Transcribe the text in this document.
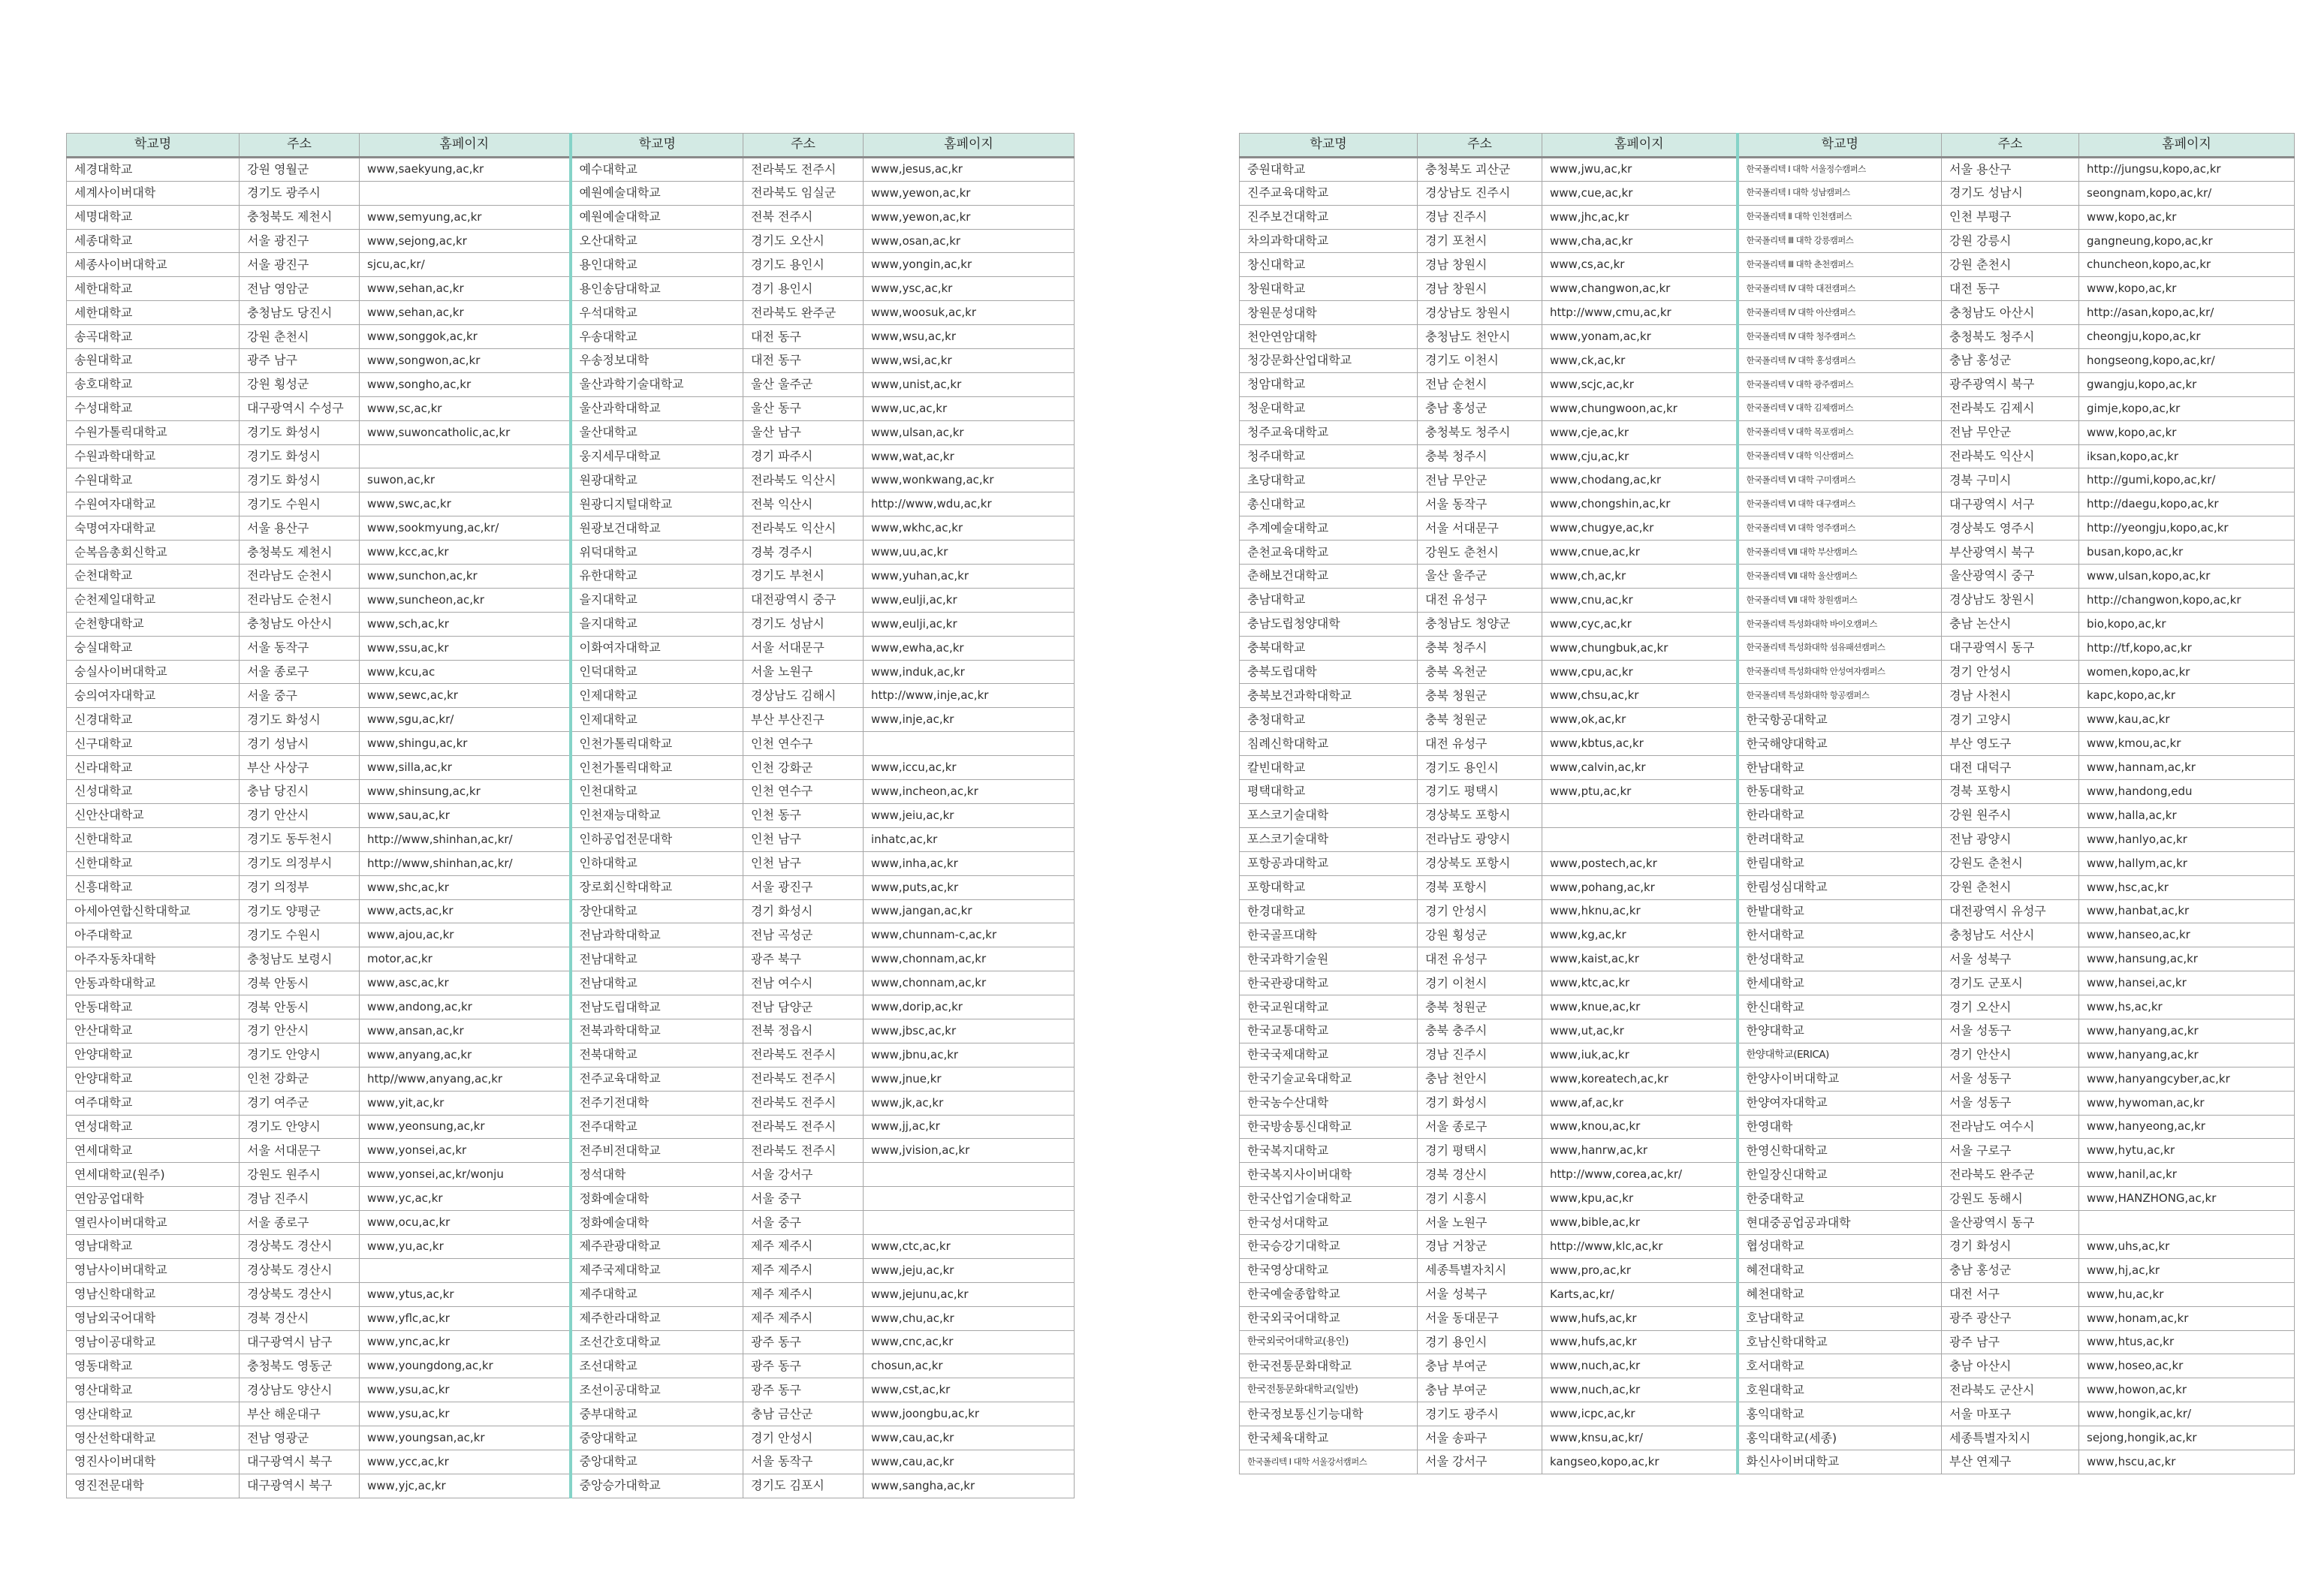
학교명	주소	홈페이지	학교명	주소	홈페이지
세경대학교	강원 영월군	www,saekyung,ac,kr	예수대학교	전라북도 전주시	www,jesus,ac,kr
세계사이버대학	경기도 광주시		예원예술대학교	전라북도 임실군	www,yewon,ac,kr
세명대학교	충청북도 제천시	www,semyung,ac,kr	예원예술대학교	전북 전주시	www,yewon,ac,kr
세종대학교	서울 광진구	www,sejong,ac,kr	오산대학교	경기도 오산시	www,osan,ac,kr
세종사이버대학교	서울 광진구	sjcu,ac,kr/	용인대학교	경기도 용인시	www,yongin,ac,kr
세한대학교	전남 영암군	www,sehan,ac,kr	용인송담대학교	경기 용인시	www,ysc,ac,kr
세한대학교	충청남도 당진시	www,sehan,ac,kr	우석대학교	전라북도 완주군	www,woosuk,ac,kr
송곡대학교	강원 춘천시	www,songgok,ac,kr	우송대학교	대전 동구	www,wsu,ac,kr
송원대학교	광주 남구	www,songwon,ac,kr	우송정보대학	대전 동구	www,wsi,ac,kr
송호대학교	강원 횡성군	www,songho,ac,kr	울산과학기술대학교	울산 울주군	www,unist,ac,kr
수성대학교	대구광역시 수성구	www,sc,ac,kr	울산과학대학교	울산 동구	www,uc,ac,kr
수원가톨릭대학교	경기도 화성시	www,suwoncatholic,ac,kr	울산대학교	울산 남구	www,ulsan,ac,kr
수원과학대학교	경기도 화성시		웅지세무대학교	경기 파주시	www,wat,ac,kr
수원대학교	경기도 화성시	suwon,ac,kr	원광대학교	전라북도 익산시	www,wonkwang,ac,kr
수원여자대학교	경기도 수원시	www,swc,ac,kr	원광디지털대학교	전북 익산시	http://www,wdu,ac,kr
숙명여자대학교	서울 용산구	www,sookmyung,ac,kr/	원광보건대학교	전라북도 익산시	www,wkhc,ac,kr
순복음총회신학교	충청북도 제천시	www,kcc,ac,kr	위덕대학교	경북 경주시	www,uu,ac,kr
순천대학교	전라남도 순천시	www,sunchon,ac,kr	유한대학교	경기도 부천시	www,yuhan,ac,kr
순천제일대학교	전라남도 순천시	www,suncheon,ac,kr	을지대학교	대전광역시 중구	www,eulji,ac,kr
순천향대학교	충청남도 아산시	www,sch,ac,kr	을지대학교	경기도 성남시	www,eulji,ac,kr
숭실대학교	서울 동작구	www,ssu,ac,kr	이화여자대학교	서울 서대문구	www,ewha,ac,kr
숭실사이버대학교	서울 종로구	www,kcu,ac	인덕대학교	서울 노원구	www,induk,ac,kr
숭의여자대학교	서울 중구	www,sewc,ac,kr	인제대학교	경상남도 김해시	http://www,inje,ac,kr
신경대학교	경기도 화성시	www,sgu,ac,kr/	인제대학교	부산 부산진구	www,inje,ac,kr
신구대학교	경기 성남시	www,shingu,ac,kr	인천가톨릭대학교	인천 연수구	
신라대학교	부산 사상구	www,silla,ac,kr	인천가톨릭대학교	인천 강화군	www,iccu,ac,kr
신성대학교	충남 당진시	www,shinsung,ac,kr	인천대학교	인천 연수구	www,incheon,ac,kr
신안산대학교	경기 안산시	www,sau,ac,kr	인천재능대학교	인천 동구	www,jeiu,ac,kr
신한대학교	경기도 동두천시	http://www,shinhan,ac,kr/	인하공업전문대학	인천 남구	inhatc,ac,kr
신한대학교	경기도 의정부시	http://www,shinhan,ac,kr/	인하대학교	인천 남구	www,inha,ac,kr
신흥대학교	경기 의정부	www,shc,ac,kr	장로회신학대학교	서울 광진구	www,puts,ac,kr
아세아연합신학대학교	경기도 양평군	www,acts,ac,kr	장안대학교	경기 화성시	www,jangan,ac,kr
아주대학교	경기도 수원시	www,ajou,ac,kr	전남과학대학교	전남 곡성군	www,chunnam-c,ac,kr
아주자동차대학	충청남도 보령시	motor,ac,kr	전남대학교	광주 북구	www,chonnam,ac,kr
안동과학대학교	경북 안동시	www,asc,ac,kr	전남대학교	전남 여수시	www,chonnam,ac,kr
안동대학교	경북 안동시	www,andong,ac,kr	전남도립대학교	전남 담양군	www,dorip,ac,kr
안산대학교	경기 안산시	www,ansan,ac,kr	전북과학대학교	전북 정읍시	www,jbsc,ac,kr
안양대학교	경기도 안양시	www,anyang,ac,kr	전북대학교	전라북도 전주시	www,jbnu,ac,kr
안양대학교	인천 강화군	http//www,anyang,ac,kr	전주교육대학교	전라북도 전주시	www,jnue,kr
여주대학교	경기 여주군	www,yit,ac,kr	전주기전대학	전라북도 전주시	www,jk,ac,kr
연성대학교	경기도 안양시	www,yeonsung,ac,kr	전주대학교	전라북도 전주시	www,jj,ac,kr
연세대학교	서울 서대문구	www,yonsei,ac,kr	전주비전대학교	전라북도 전주시	www,jvision,ac,kr
연세대학교(원주)	강원도 원주시	www,yonsei,ac,kr/wonju	정석대학	서울 강서구	
연암공업대학	경남 진주시	www,yc,ac,kr	정화예술대학	서울 중구	
열린사이버대학교	서울 종로구	www,ocu,ac,kr	정화예술대학	서울 중구	
영남대학교	경상북도 경산시	www,yu,ac,kr	제주관광대학교	제주 제주시	www,ctc,ac,kr
영남사이버대학교	경상북도 경산시		제주국제대학교	제주 제주시	www,jeju,ac,kr
영남신학대학교	경상북도 경산시	www,ytus,ac,kr	제주대학교	제주 제주시	www,jejunu,ac,kr
영남외국어대학	경북 경산시	www,yflc,ac,kr	제주한라대학교	제주 제주시	www,chu,ac,kr
영남이공대학교	대구광역시 남구	www,ync,ac,kr	조선간호대학교	광주 동구	www,cnc,ac,kr
영동대학교	충청북도 영동군	www,youngdong,ac,kr	조선대학교	광주 동구	chosun,ac,kr
영산대학교	경상남도 양산시	www,ysu,ac,kr	조선이공대학교	광주 동구	www,cst,ac,kr
영산대학교	부산 해운대구	www,ysu,ac,kr	중부대학교	충남 금산군	www,joongbu,ac,kr
영산선학대학교	전남 영광군	www,youngsan,ac,kr	중앙대학교	경기 안성시	www,cau,ac,kr
영진사이버대학	대구광역시 북구	www,ycc,ac,kr	중앙대학교	서울 동작구	www,cau,ac,kr
영진전문대학	대구광역시 북구	www,yjc,ac,kr	중앙승가대학교	경기도 김포시	www,sangha,ac,kr
학교명	주소	홈페이지	학교명	주소	홈페이지
중원대학교	충청북도 괴산군	www,jwu,ac,kr	한국폴리텍 Ⅰ 대학 서울정수캠퍼스	서울 용산구	http://jungsu,kopo,ac,kr
진주교육대학교	경상남도 진주시	www,cue,ac,kr	한국폴리텍 Ⅰ 대학 성남캠퍼스	경기도 성남시	seongnam,kopo,ac,kr/
진주보건대학교	경남 진주시	www,jhc,ac,kr	한국폴리텍 Ⅱ 대학 인천캠퍼스	인천 부평구	www,kopo,ac,kr
차의과학대학교	경기 포천시	www,cha,ac,kr	한국폴리텍 Ⅲ 대학 강릉캠퍼스	강원 강릉시	gangneung,kopo,ac,kr
창신대학교	경남 창원시	www,cs,ac,kr	한국폴리텍 Ⅲ 대학 춘천캠퍼스	강원 춘천시	chuncheon,kopo,ac,kr
창원대학교	경남 창원시	www,changwon,ac,kr	한국폴리텍 Ⅳ 대학 대전캠퍼스	대전 동구	www,kopo,ac,kr
창원문성대학	경상남도 창원시	http://www,cmu,ac,kr	한국폴리텍 Ⅳ 대학 아산캠퍼스	충청남도 아산시	http://asan,kopo,ac,kr/
천안연암대학	충청남도 천안시	www,yonam,ac,kr	한국폴리텍 Ⅳ 대학 청주캠퍼스	충청북도 청주시	cheongju,kopo,ac,kr
청강문화산업대학교	경기도 이천시	www,ck,ac,kr	한국폴리텍 Ⅳ 대학 홍성캠퍼스	충남 홍성군	hongseong,kopo,ac,kr/
청암대학교	전남 순천시	www,scjc,ac,kr	한국폴리텍 Ⅴ 대학 광주캠퍼스	광주광역시 북구	gwangju,kopo,ac,kr
청운대학교	충남 홍성군	www,chungwoon,ac,kr	한국폴리텍 Ⅴ 대학 김제캠퍼스	전라북도 김제시	gimje,kopo,ac,kr
청주교육대학교	충청북도 청주시	www,cje,ac,kr	한국폴리텍 Ⅴ 대학 목포캠퍼스	전남 무안군	www,kopo,ac,kr
청주대학교	충북 청주시	www,cju,ac,kr	한국폴리텍 Ⅴ 대학 익산캠퍼스	전라북도 익산시	iksan,kopo,ac,kr
초당대학교	전남 무안군	www,chodang,ac,kr	한국폴리텍 Ⅵ 대학 구미캠퍼스	경북 구미시	http://gumi,kopo,ac,kr/
총신대학교	서울 동작구	www,chongshin,ac,kr	한국폴리텍 Ⅵ 대학 대구캠퍼스	대구광역시 서구	http://daegu,kopo,ac,kr
추계예술대학교	서울 서대문구	www,chugye,ac,kr	한국폴리텍 Ⅵ 대학 영주캠퍼스	경상북도 영주시	http://yeongju,kopo,ac,kr
춘천교육대학교	강원도 춘천시	www,cnue,ac,kr	한국폴리텍 Ⅶ 대학 부산캠퍼스	부산광역시 북구	busan,kopo,ac,kr
춘해보건대학교	울산 울주군	www,ch,ac,kr	한국폴리텍 Ⅶ 대학 울산캠퍼스	울산광역시 중구	www,ulsan,kopo,ac,kr
충남대학교	대전 유성구	www,cnu,ac,kr	한국폴리텍 Ⅶ 대학 창원캠퍼스	경상남도 창원시	http://changwon,kopo,ac,kr
충남도립청양대학	충청남도 청양군	www,cyc,ac,kr	한국폴리텍 특성화대학 바이오캠퍼스	충남 논산시	bio,kopo,ac,kr
충북대학교	충북 청주시	www,chungbuk,ac,kr	한국폴리텍 특성화대학 섬유패션캠퍼스	대구광역시 동구	http://tf,kopo,ac,kr
충북도립대학	충북 옥천군	www,cpu,ac,kr	한국폴리텍 특성화대학 안성여자캠퍼스	경기 안성시	women,kopo,ac,kr
충북보건과학대학교	충북 청원군	www,chsu,ac,kr	한국폴리텍 특성화대학 항공캠퍼스	경남 사천시	kapc,kopo,ac,kr
충청대학교	충북 청원군	www,ok,ac,kr	한국항공대학교	경기 고양시	www,kau,ac,kr
침례신학대학교	대전 유성구	www,kbtus,ac,kr	한국해양대학교	부산 영도구	www,kmou,ac,kr
칼빈대학교	경기도 용인시	www,calvin,ac,kr	한남대학교	대전 대덕구	www,hannam,ac,kr
평택대학교	경기도 평택시	www,ptu,ac,kr	한동대학교	경북 포항시	www,handong,edu
포스코기술대학	경상북도 포항시		한라대학교	강원 원주시	www,halla,ac,kr
포스코기술대학	전라남도 광양시		한려대학교	전남 광양시	www,hanlyo,ac,kr
포항공과대학교	경상북도 포항시	www,postech,ac,kr	한림대학교	강원도 춘천시	www,hallym,ac,kr
포항대학교	경북 포항시	www,pohang,ac,kr	한림성심대학교	강원 춘천시	www,hsc,ac,kr
한경대학교	경기 안성시	www,hknu,ac,kr	한밭대학교	대전광역시 유성구	www,hanbat,ac,kr
한국골프대학	강원 횡성군	www,kg,ac,kr	한서대학교	충청남도 서산시	www,hanseo,ac,kr
한국과학기술원	대전 유성구	www,kaist,ac,kr	한성대학교	서울 성북구	www,hansung,ac,kr
한국관광대학교	경기 이천시	www,ktc,ac,kr	한세대학교	경기도 군포시	www,hansei,ac,kr
한국교원대학교	충북 청원군	www,knue,ac,kr	한신대학교	경기 오산시	www,hs,ac,kr
한국교통대학교	충북 충주시	www,ut,ac,kr	한양대학교	서울 성동구	www,hanyang,ac,kr
한국국제대학교	경남 진주시	www,iuk,ac,kr	한양대학교(ERICA)	경기 안산시	www,hanyang,ac,kr
한국기술교육대학교	충남 천안시	www,koreatech,ac,kr	한양사이버대학교	서울 성동구	www,hanyangcyber,ac,kr
한국농수산대학	경기 화성시	www,af,ac,kr	한양여자대학교	서울 성동구	www,hywoman,ac,kr
한국방송통신대학교	서울 종로구	www,knou,ac,kr	한영대학	전라남도 여수시	www,hanyeong,ac,kr
한국복지대학교	경기 평택시	www,hanrw,ac,kr	한영신학대학교	서울 구로구	www,hytu,ac,kr
한국복지사이버대학	경북 경산시	http://www,corea,ac,kr/	한일장신대학교	전라북도 완주군	www,hanil,ac,kr
한국산업기술대학교	경기 시흥시	www,kpu,ac,kr	한중대학교	강원도 동해시	www,HANZHONG,ac,kr
한국성서대학교	서울 노원구	www,bible,ac,kr	현대중공업공과대학	울산광역시 동구	
한국승강기대학교	경남 거창군	http://www,klc,ac,kr	협성대학교	경기 화성시	www,uhs,ac,kr
한국영상대학교	세종특별자치시	www,pro,ac,kr	혜전대학교	충남 홍성군	www,hj,ac,kr
한국예술종합학교	서울 성북구	Karts,ac,kr/	혜천대학교	대전 서구	www,hu,ac,kr
한국외국어대학교	서울 동대문구	www,hufs,ac,kr	호남대학교	광주 광산구	www,honam,ac,kr
한국외국어대학교(용인)	경기 용인시	www,hufs,ac,kr	호남신학대학교	광주 남구	www,htus,ac,kr
한국전통문화대학교	충남 부여군	www,nuch,ac,kr	호서대학교	충남 아산시	www,hoseo,ac,kr
한국전통문화대학교(일반)	충남 부여군	www,nuch,ac,kr	호원대학교	전라북도 군산시	www,howon,ac,kr
한국정보통신기능대학	경기도 광주시	www,icpc,ac,kr	홍익대학교	서울 마포구	www,hongik,ac,kr/
한국체육대학교	서울 송파구	www,knsu,ac,kr/	홍익대학교(세종)	세종특별자치시	sejong,hongik,ac,kr
한국폴리텍 Ⅰ 대학 서울강서캠퍼스	서울 강서구	kangseo,kopo,ac,kr	화신사이버대학교	부산 연제구	www,hscu,ac,kr
